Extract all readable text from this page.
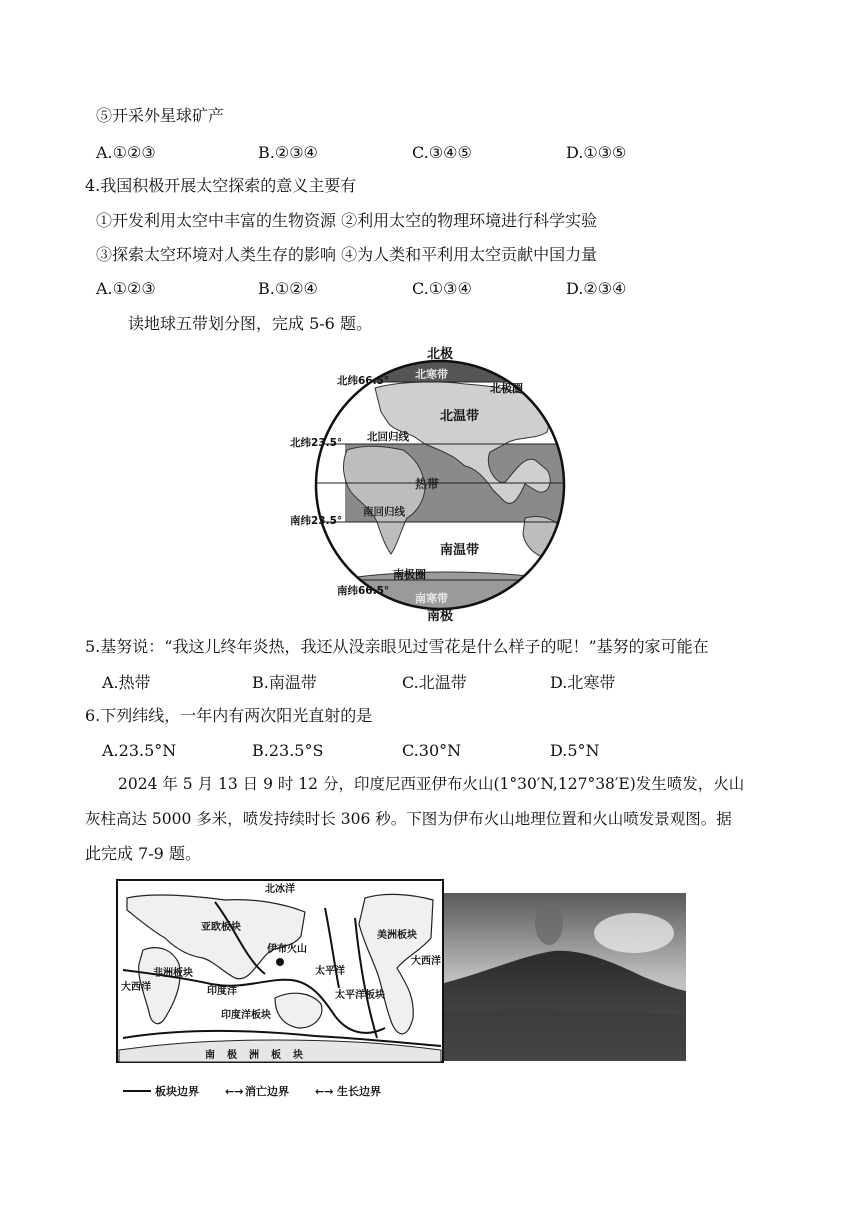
⑤开采外星球矿产
A.①②③	B.②③④	C.③④⑤	D.①③⑤
4.我国积极开展太空探索的意义主要有
①开发利用太空中丰富的生物资源 ②利用太空的物理环境进行科学实验
③探索太空环境对人类生存的影响 ④为人类和平利用太空贡献中国力量
A.①②③	B.①②④	C.①③④	D.②③④
读地球五带划分图，完成 5-6 题。
北极
南极
北纬66.5°
北纬23.5°
南纬23.5°
南纬66.5°
北极圈
北寒带
北温带
北回归线
热带
南回归线
南温带
南极圈
南寒带
5.基努说：“我这儿终年炎热，我还从没亲眼见过雪花是什么样子的呢！”基努的家可能在
A.热带	B.南温带	C.北温带	D.北寒带
6.下列纬线，一年内有两次阳光直射的是
A.23.5°N	B.23.5°S	C.30°N	D.5°N
2024 年 5 月 13 日 9 时 12 分，印度尼西亚伊布火山(1°30′N,127°38′E)发生喷发，火山
灰柱高达 5000 多米，喷发持续时长 306 秒。下图为伊布火山地理位置和火山喷发景观图。据
此完成 7-9 题。
北冰洋
亚欧板块
非洲板块
印度洋
印度洋板块
伊布火山
太平洋
太平洋板块
美洲板块
大西洋
大西洋
南极洲板块
板块边界 ←→ 消亡边界 ←→ 生长边界
